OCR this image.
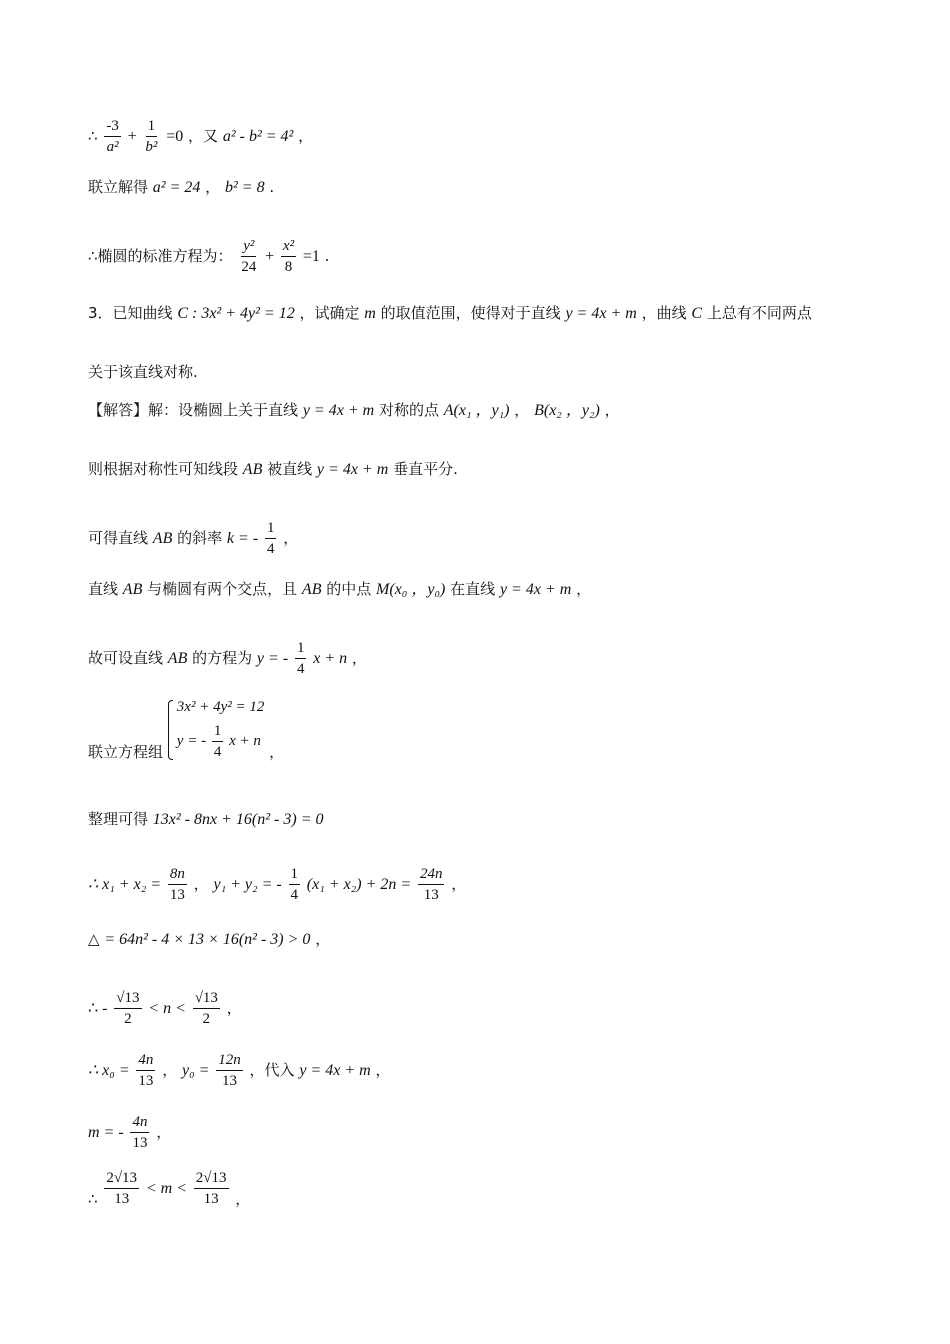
∴ $\frac{-3}{\text{a²}} + \frac{1}{\text{b²}} =0$ ，又 a² - b² = 4² ，
联立解得 a² = 24 ， b² = 8 .
∴椭圆的标准方程为： $\frac{\text{y²}}{24} + \frac{\text{x²}}{8} =1$ .
3．已知曲线 C : 3x² + 4y² = 12 ，试确定 m 的取值范围，使得对于直线 y = 4x + m ，曲线 C 上总有不同两点
关于该直线对称.
【解答】解：设椭圆上关于直线 y = 4x + m 对称的点 A(x₁ ，y₁) ， B(x₂ ，y₂) ，
则根据对称性可知线段 AB 被直线 y = 4x + m 垂直平分.
可得直线 AB 的斜率 k = - $\frac{1}{4}$ ，
直线 AB 与椭圆有两个交点，且 AB 的中点 M(x₀ ，y₀) 在直线 y = 4x + m ，
故可设直线 AB 的方程为 y = - $\frac{1}{4}$ x + n ，
联立方程组
3x² + 4y² = 12
y = - $\frac{1}{4}$ x + n
，
整理可得 13x² - 8nx + 16(n² - 3) = 0
∴ $x_1 + x_2 = \frac{8n}{13}$ ， y₁ + y₂ = - $\frac{1}{4} (x_1 + x_2) + 2n = \frac{24n}{13}$ ，
△ = 64n² - 4 × 13 × 16(n² - 3) > 0 ，
∴ - $\frac{√13}{2} < n < \frac{√13}{2}$ ，
∴ $x_0 = \frac{4n}{13}$ ， $y_0 = \frac{12n}{13}$ ，代入 y = 4x + m ，
m = - $\frac{4n}{13}$ ，
∴ $\frac{2√13}{13} < m < \frac{2√13}{13}$ ，
